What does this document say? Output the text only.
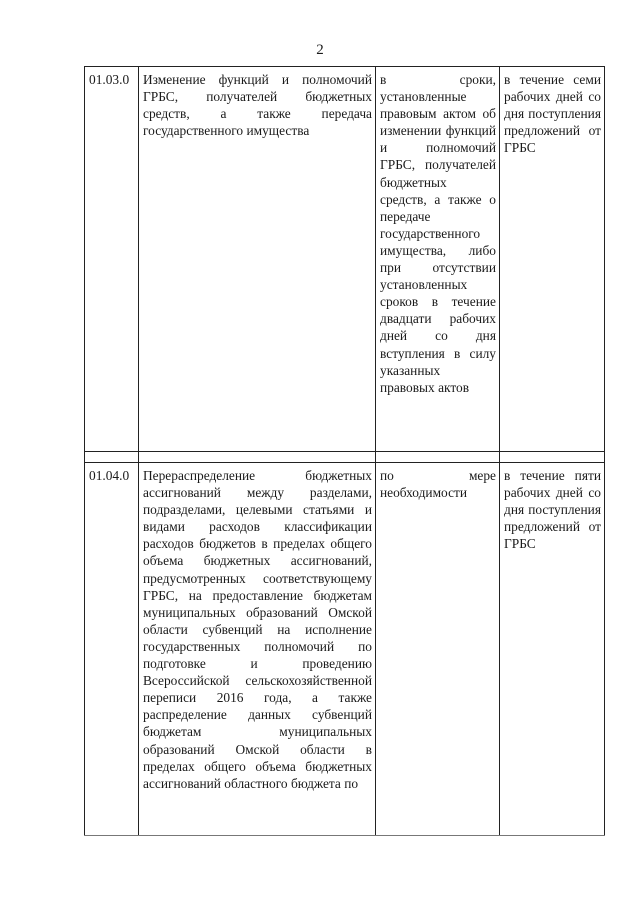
2
01.03.0	Изменение функций и полномочий ГРБС, получателей бюджетных средств, а также передача государственного имущества	в сроки, установленные правовым актом об изменении функций и полномочий ГРБС, получателей бюджетных средств, а также о передаче государственного имущества, либо при отсутствии установленных сроков в течение двадцати рабочих дней со дня вступления в силу указанных правовых актов	в течение семи рабочих дней со дня поступления предложений от ГРБС

01.04.0	Перераспределение бюджетных ассигнований между разделами, подразделами, целевыми статьями и видами расходов классификации расходов бюджетов в пределах общего объема бюджетных ассигнований, предусмотренных соответствующему ГРБС, на предоставление бюджетам муниципальных образований Омской области субвенций на исполнение государственных полномочий по подготовке и проведению Всероссийской сельскохозяйственной переписи 2016 года, а также распределение данных субвенций бюджетам муниципальных образований Омской области в пределах общего объема бюджетных ассигнований областного бюджета по	по мере необходимости	в течение пяти рабочих дней со дня поступления предложений от ГРБС
